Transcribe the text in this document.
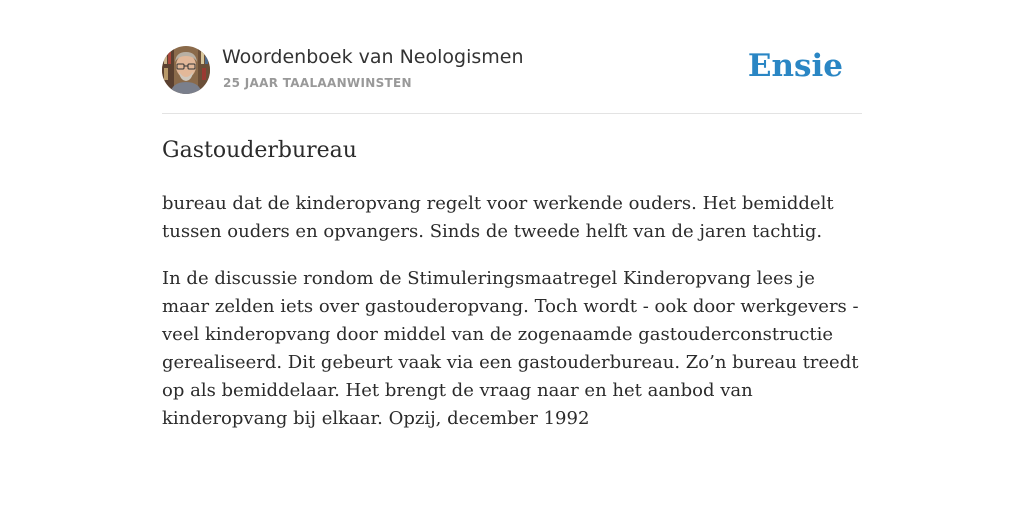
Woordenboek van Neologismen
25 JAAR TAALAANWINSTEN	Ensie
Gastouderbureau

bureau dat de kinderopvang regelt voor werkende ouders. Het bemiddelt tussen ouders en opvangers. Sinds de tweede helft van de jaren tachtig.

In de discussie rondom de Stimuleringsmaatregel Kinderopvang lees je maar zelden iets over gastouderopvang. Toch wordt - ook door werkgevers - veel kinderopvang door middel van de zogenaamde gastouderconstructie gerealiseerd. Dit gebeurt vaak via een gastouderbureau. Zo’n bureau treedt op als bemiddelaar. Het brengt de vraag naar en het aanbod van kinderopvang bij elkaar. Opzij, december 1992
